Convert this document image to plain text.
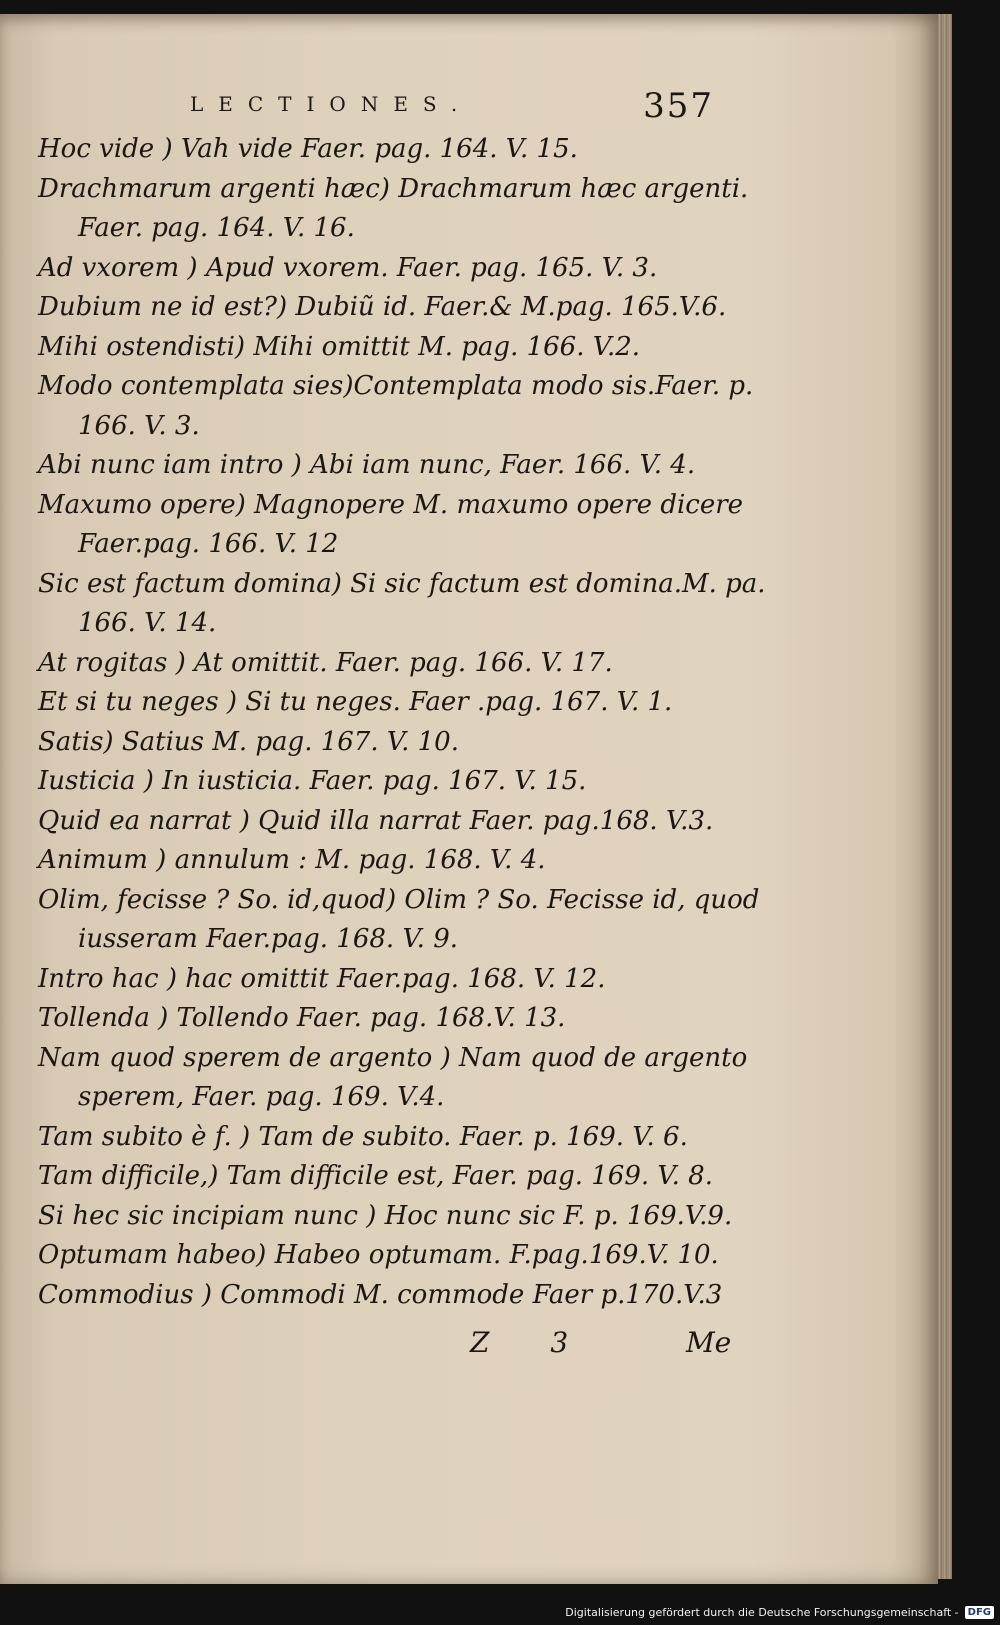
LECTIONES.	357

Hoc vide ) Vah vide Faer. pag. 164. V. 15.

Drachmarum argenti hæc) Drachmarum hæc argenti.
Faer. pag. 164. V. 16.

Ad vxorem ) Apud vxorem. Faer. pag. 165. V. 3.

Dubium ne id est?) Dubiũ id. Faer.& M.pag. 165.V.6.

Mihi ostendisti) Mihi omittit M. pag. 166. V.2.

Modo contemplata sies)Contemplata modo sis.Faer. p.
166. V. 3.

Abi nunc iam intro ) Abi iam nunc, Faer. 166. V. 4.

Maxumo opere) Magnopere M. maxumo opere dicere
Faer.pag. 166. V. 12

Sic est factum domina) Si sic factum est domina.M. pa.
166. V. 14.

At rogitas ) At omittit. Faer. pag. 166. V. 17.

Et si tu neges ) Si tu neges. Faer .pag. 167. V. 1.

Satis) Satius M. pag. 167. V. 10.

Iusticia ) In iusticia. Faer. pag. 167. V. 15.

Quid ea narrat ) Quid illa narrat Faer. pag.168. V.3.

Animum ) annulum : M. pag. 168. V. 4.

Olim, fecisse ? So. id,quod) Olim ? So. Fecisse id, quod
iusseram Faer.pag. 168. V. 9.

Intro hac ) hac omittit Faer.pag. 168. V. 12.

Tollenda ) Tollendo Faer. pag. 168.V. 13.

Nam quod sperem de argento ) Nam quod de argento
sperem, Faer. pag. 169. V.4.

Tam subito è f. ) Tam de subito. Faer. p. 169. V. 6.

Tam difficile,) Tam difficile est, Faer. pag. 169. V. 8.

Si hec sic incipiam nunc ) Hoc nunc sic F. p. 169.V.9.

Optumam habeo) Habeo optumam. F.pag.169.V. 10.

Commodius ) Commodi M. commode Faer p.170.V.3

Z 3	Me
Digitalisierung gefördert durch die Deutsche Forschungsgemeinschaft - DFG
